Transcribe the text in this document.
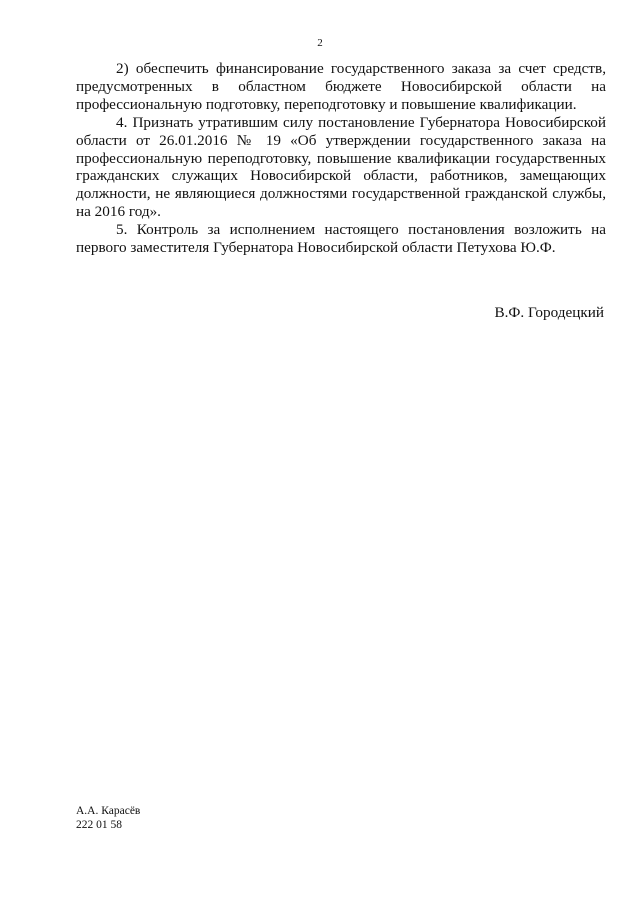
2

2) обеспечить финансирование государственного заказа за счет средств, предусмотренных в областном бюджете Новосибирской области на профессиональную подготовку, переподготовку и повышение квалификации.

4. Признать утратившим силу постановление Губернатора Новосибирской области от 26.01.2016 № 19 «Об утверждении государственного заказа на профессиональную переподготовку, повышение квалификации государственных гражданских служащих Новосибирской области, работников, замещающих должности, не являющиеся должностями государственной гражданской службы, на 2016 год».

5. Контроль за исполнением настоящего постановления возложить на первого заместителя Губернатора Новосибирской области Петухова Ю.Ф.

В.Ф. Городецкий
А.А. Карасёв
222 01 58
